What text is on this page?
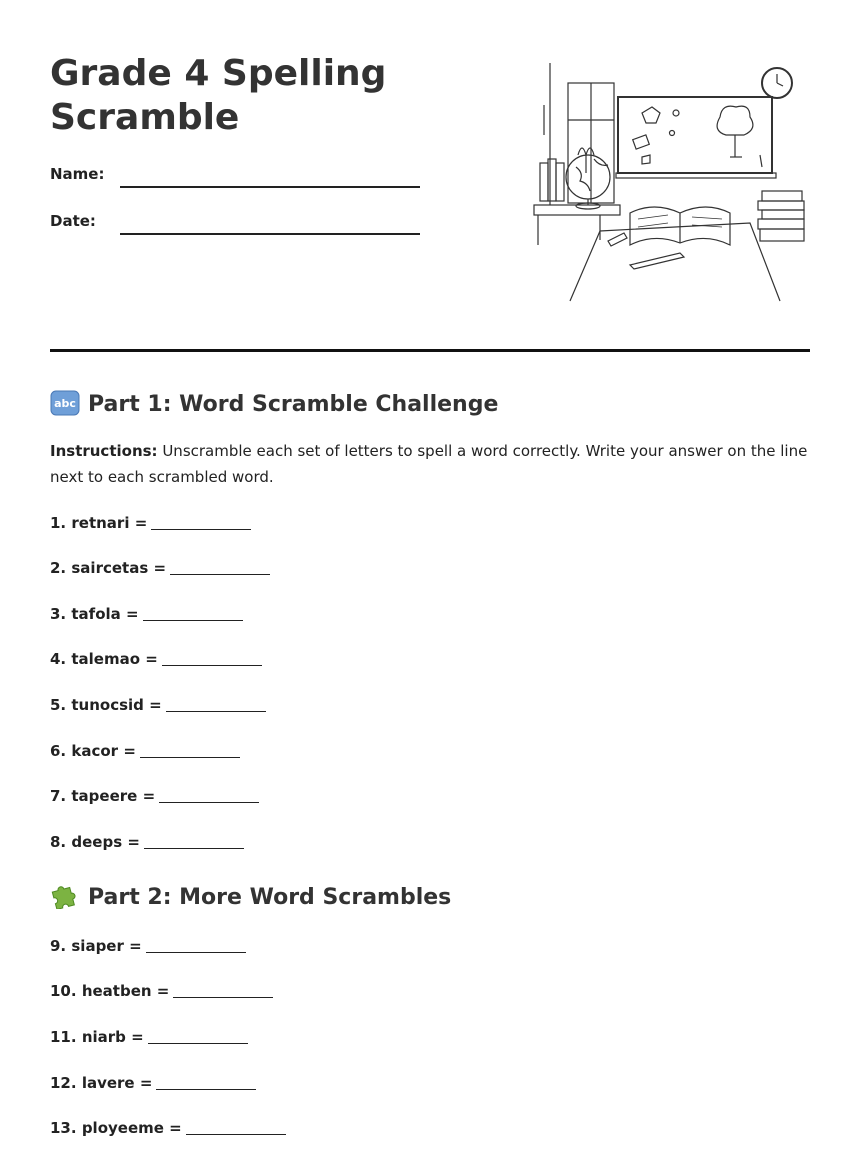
Grade 4 Spelling
Scramble
Name:
Date:
abc Part 1: Word Scramble Challenge

Instructions: Unscramble each set of letters to spell a word correctly. Write your answer on the line next to each scrambled word.

1. retnari =
2. saircetas =
3. tafola =
4. talemao =
5. tunocsid =
6. kacor =
7. tapeere =
8. deeps =
Part 2: More Word Scrambles
9. siaper =
10. heatben =
11. niarb =
12. lavere =
13. ployeeme =
